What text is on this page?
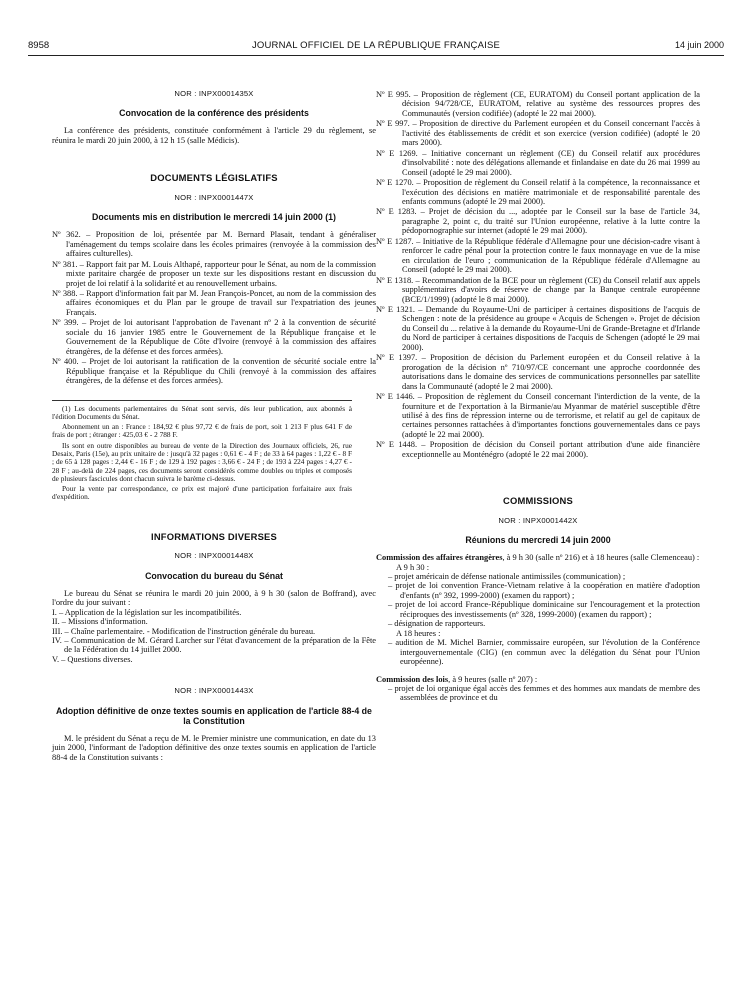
8958	JOURNAL OFFICIEL DE LA RÉPUBLIQUE FRANÇAISE	14 juin 2000
NOR : INPX0001435X
Convocation de la conférence des présidents

La conférence des présidents, constituée conformément à l'article 29 du règlement, se réunira le mardi 20 juin 2000, à 12 h 15 (salle Médicis).

DOCUMENTS LÉGISLATIFS
NOR : INPX0001447X
Documents mis en distribution le mercredi 14 juin 2000 (1)

Nº 362. – Proposition de loi, présentée par M. Bernard Plasait, tendant à généraliser l'aménagement du temps scolaire dans les écoles primaires (renvoyée à la commission des affaires culturelles).

Nº 381. – Rapport fait par M. Louis Althapé, rapporteur pour le Sénat, au nom de la commission mixte paritaire chargée de proposer un texte sur les dispositions restant en discussion du projet de loi relatif à la solidarité et au renouvellement urbains.

Nº 388. – Rapport d'information fait par M. Jean François-Poncet, au nom de la commission des affaires économiques et du Plan par le groupe de travail sur l'expatriation des jeunes Français.

Nº 399. – Projet de loi autorisant l'approbation de l'avenant nº 2 à la convention de sécurité sociale du 16 janvier 1985 entre le Gouvernement de la République française et le Gouvernement de la République de Côte d'Ivoire (renvoyé à la commission des affaires étrangères, de la défense et des forces armées).

Nº 400. – Projet de loi autorisant la ratification de la convention de sécurité sociale entre la République française et la République du Chili (renvoyé à la commission des affaires étrangères, de la défense et des forces armées).

(1) Les documents parlementaires du Sénat sont servis, dès leur publication, aux abonnés à l'édition Documents du Sénat.

Abonnement un an : France : 184,92 € plus 97,72 € de frais de port, soit 1 213 F plus 641 F de frais de port ; étranger : 425,03 € - 2 788 F.

Ils sont en outre disponibles au bureau de vente de la Direction des Journaux officiels, 26, rue Desaix, Paris (15e), au prix unitaire de : jusqu'à 32 pages : 0,61 € - 4 F ; de 33 à 64 pages : 1,22 € - 8 F ; de 65 à 128 pages : 2,44 € - 16 F ; de 129 à 192 pages : 3,66 € - 24 F ; de 193 à 224 pages : 4,27 € - 28 F ; au-delà de 224 pages, ces documents seront considérés comme doubles ou triples et composés de plusieurs fascicules dont chacun suivra le barème ci-dessus.

Pour la vente par correspondance, ce prix est majoré d'une participation forfaitaire aux frais d'expédition.

INFORMATIONS DIVERSES
NOR : INPX0001448X
Convocation du bureau du Sénat

Le bureau du Sénat se réunira le mardi 20 juin 2000, à 9 h 30 (salon de Boffrand), avec l'ordre du jour suivant :

I. – Application de la législation sur les incompatibilités.

II. – Missions d'information.

III. – Chaîne parlementaire. - Modification de l'instruction générale du bureau.

IV. – Communication de M. Gérard Larcher sur l'état d'avancement de la préparation de la Fête de la Fédération du 14 juillet 2000.

V. – Questions diverses.

NOR : INPX0001443X
Adoption définitive de onze textes soumis en application de l'article 88-4 de la Constitution

M. le président du Sénat a reçu de M. le Premier ministre une communication, en date du 13 juin 2000, l'informant de l'adoption définitive des onze textes soumis en application de l'article 88-4 de la Constitution suivants :

Nº E 995. – Proposition de règlement (CE, EURATOM) du Conseil portant application de la décision 94/728/CE, EURATOM, relative au système des ressources propres des Communautés (version codifiée) (adopté le 22 mai 2000).

Nº E 997. – Proposition de directive du Parlement européen et du Conseil concernant l'accès à l'activité des établissements de crédit et son exercice (version codifiée) (adopté le 20 mars 2000).

Nº E 1269. – Initiative concernant un règlement (CE) du Conseil relatif aux procédures d'insolvabilité : note des délégations allemande et finlandaise en date du 26 mai 1999 au Conseil (adopté le 29 mai 2000).

Nº E 1270. – Proposition de règlement du Conseil relatif à la compétence, la reconnaissance et l'exécution des décisions en matière matrimoniale et de responsabilité parentale des enfants communs (adopté le 29 mai 2000).

Nº E 1283. – Projet de décision du ..., adoptée par le Conseil sur la base de l'article 34, paragraphe 2, point c, du traité sur l'Union européenne, relative à la lutte contre la pédopornographie sur internet (adopté le 29 mai 2000).

Nº E 1287. – Initiative de la République fédérale d'Allemagne pour une décision-cadre visant à renforcer le cadre pénal pour la protection contre le faux monnayage en vue de la mise en circulation de l'euro ; communication de la République fédérale d'Allemagne au Conseil (adopté le 29 mai 2000).

Nº E 1318. – Recommandation de la BCE pour un règlement (CE) du Conseil relatif aux appels supplémentaires d'avoirs de réserve de change par la Banque centrale européenne (BCE/1/1999) (adopté le 8 mai 2000).

Nº E 1321. – Demande du Royaume-Uni de participer à certaines dispositions de l'acquis de Schengen : note de la présidence au groupe « Acquis de Schengen ». Projet de décision du Conseil du ... relative à la demande du Royaume-Uni de Grande-Bretagne et d'Irlande du Nord de participer à certaines dispositions de l'acquis de Schengen (adopté le 29 mai 2000).

Nº E 1397. – Proposition de décision du Parlement européen et du Conseil relative à la prorogation de la décision nº 710/97/CE concernant une approche coordonnée des autorisations dans le domaine des services de communications personnelles par satellite dans la Communauté (adopté le 2 mai 2000).

Nº E 1446. – Proposition de règlement du Conseil concernant l'interdiction de la vente, de la fourniture et de l'exportation à la Birmanie/au Myanmar de matériel susceptible d'être utilisé à des fins de répression interne ou de terrorisme, et relatif au gel de capitaux de certaines personnes rattachées à d'importantes fonctions gouvernementales dans ce pays (adopté le 22 mai 2000).

Nº E 1448. – Proposition de décision du Conseil portant attribution d'une aide financière exceptionnelle au Monténégro (adopté le 22 mai 2000).

COMMISSIONS
NOR : INPX0001442X
Réunions du mercredi 14 juin 2000

Commission des affaires étrangères, à 9 h 30 (salle nº 216) et à 18 heures (salle Clemenceau) :

A 9 h 30 :

– projet américain de défense nationale antimissiles (communication) ;

– projet de loi convention France-Vietnam relative à la coopération en matière d'adoption d'enfants (nº 392, 1999-2000) (examen du rapport) ;

– projet de loi accord France-République dominicaine sur l'encouragement et la protection réciproques des investissements (nº 328, 1999-2000) (examen du rapport) ;

– désignation de rapporteurs.

A 18 heures :

– audition de M. Michel Barnier, commissaire européen, sur l'évolution de la Conférence intergouvernementale (CIG) (en commun avec la délégation du Sénat pour l'Union européenne).

Commission des lois, à 9 heures (salle nº 207) :

– projet de loi organique égal accès des femmes et des hommes aux mandats de membre des assemblées de province et du
